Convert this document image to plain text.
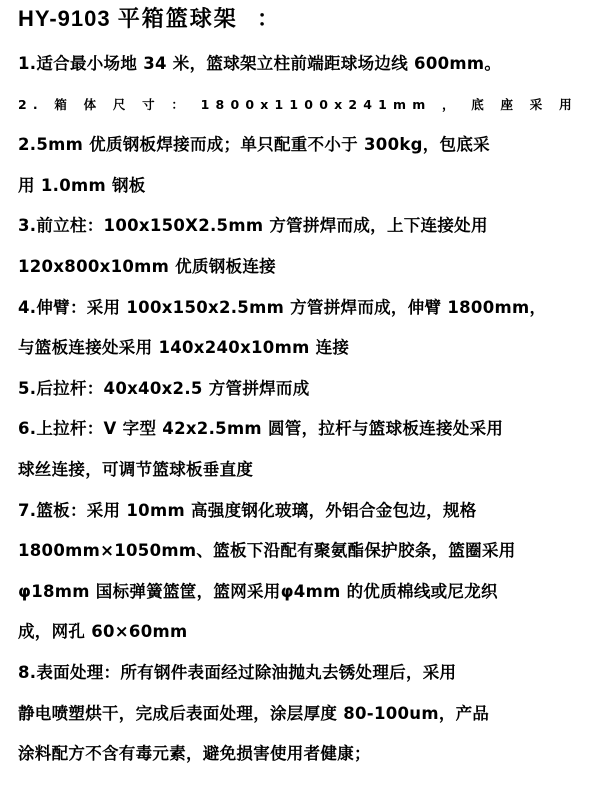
HY-9103 平箱篮球架  ：
1.适合最小场地 34 米，篮球架立柱前端距球场边线 600mm。
2. 箱 体 尺 寸 ： 1800x1100x241mm ， 底 座 采 用
2.5mm 优质钢板焊接而成；单只配重不小于 300kg，包底采
用 1.0mm 钢板
3.前立柱：100x150X2.5mm 方管拼焊而成，上下连接处用
120x800x10mm 优质钢板连接
4.伸臂：采用 100x150x2.5mm 方管拼焊而成，伸臂 1800mm，
与篮板连接处采用 140x240x10mm 连接
5.后拉杆：40x40x2.5 方管拼焊而成
6.上拉杆：V 字型 42x2.5mm 圆管，拉杆与篮球板连接处采用
球丝连接，可调节篮球板垂直度
7.篮板：采用 10mm 高强度钢化玻璃，外铝合金包边，规格
1800mm×1050mm、篮板下沿配有聚氨酯保护胶条，篮圈采用
φ18mm 国标弹簧篮筐，篮网采用φ4mm 的优质棉线或尼龙织
成，网孔 60×60mm
8.表面处理：所有钢件表面经过除油抛丸去锈处理后，采用
静电喷塑烘干，完成后表面处理，涂层厚度 80-100um，产品
涂料配方不含有毒元素，避免损害使用者健康；
